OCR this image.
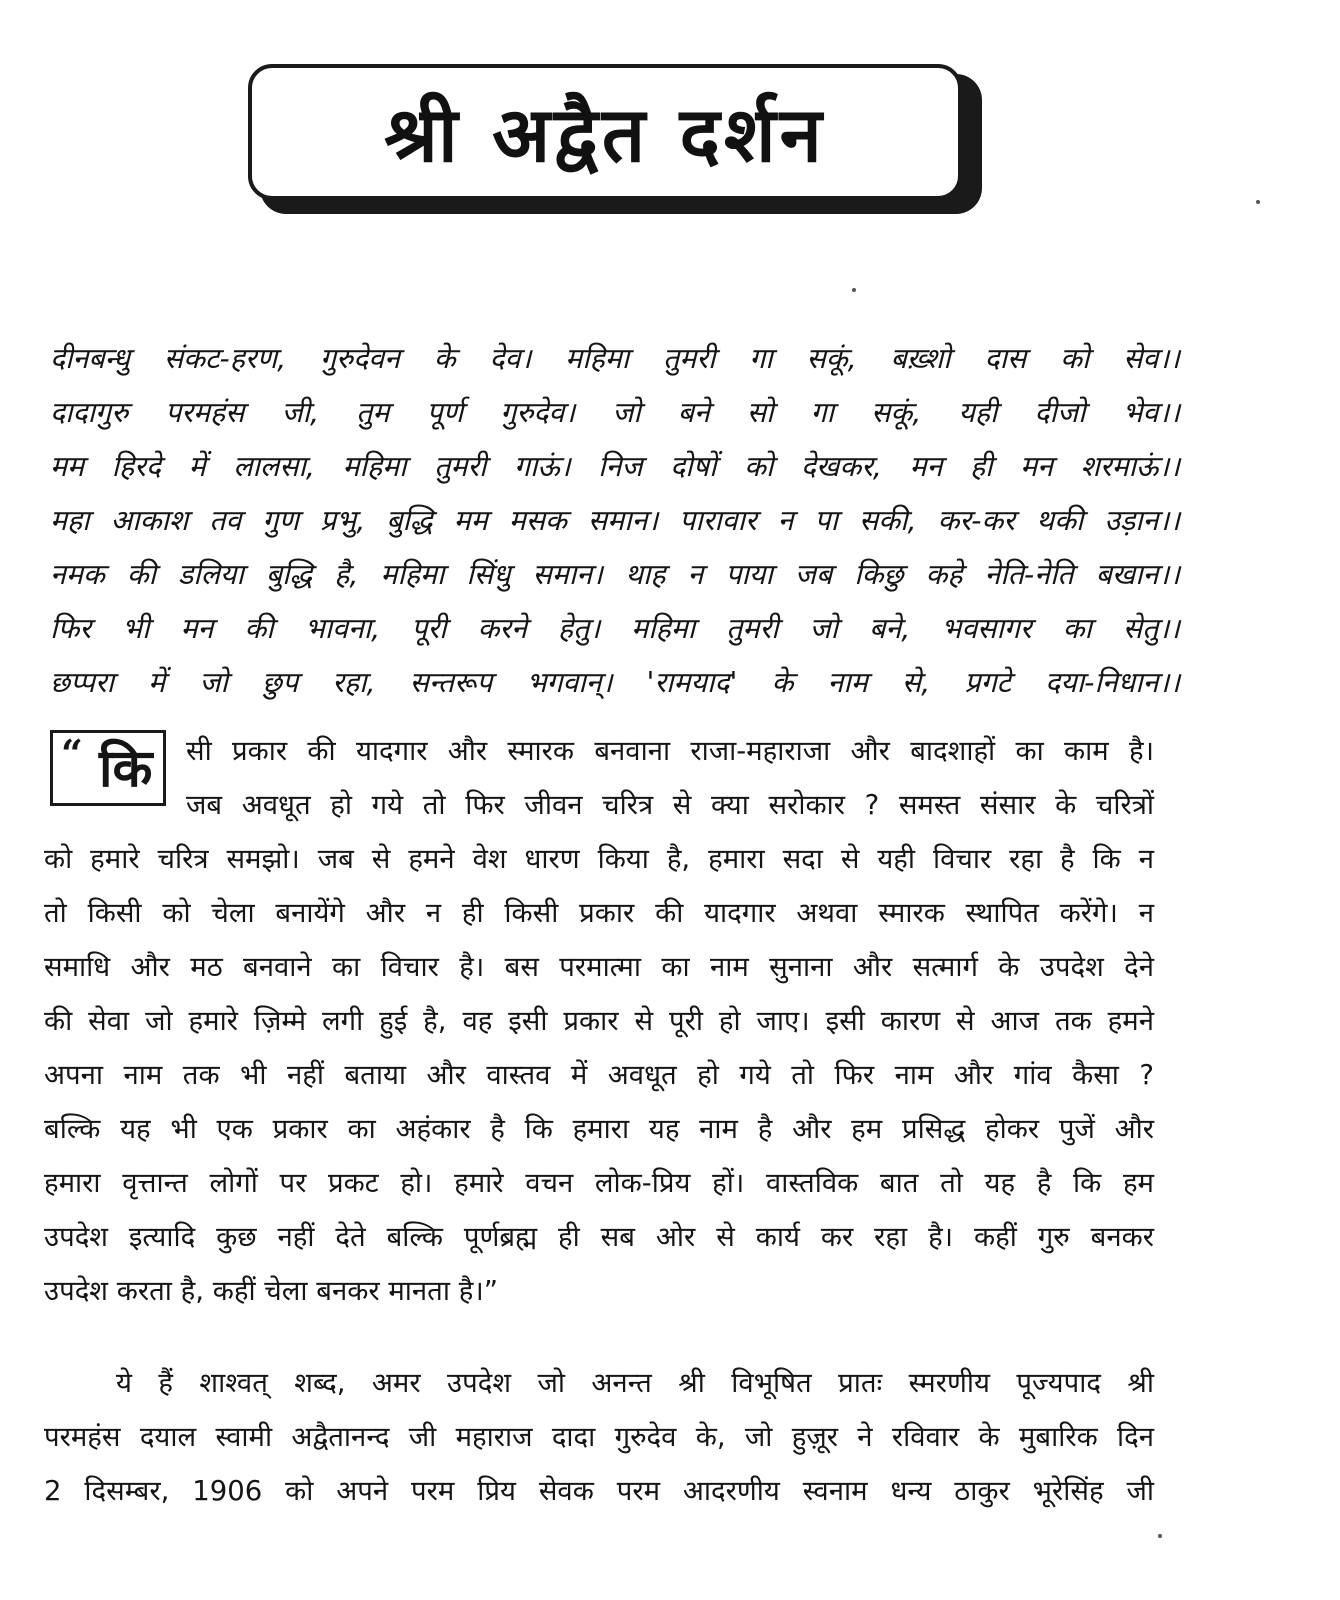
श्री अद्वैत दर्शन
दीनबन्धु संकट-हरण, गुरुदेवन के देव। महिमा तुमरी गा सकूं, बख़्शो दास को सेव।।
दादागुरु परमहंस जी, तुम पूर्ण गुरुदेव। जो बने सो गा सकूं, यही दीजो भेव।।
मम हिरदे में लालसा, महिमा तुमरी गाऊं। निज दोषों को देखकर, मन ही मन शरमाऊं।।
महा आकाश तव गुण प्रभु, बुद्धि मम मसक समान। पारावार न पा सकी, कर-कर थकी उड़ान।।
नमक की डलिया बुद्धि है, महिमा सिंधु समान। थाह न पाया जब किछु कहे नेति-नेति बखान।।
फिर भी मन की भावना, पूरी करने हेतु। महिमा तुमरी जो बने, भवसागर का सेतु।।
छप्परा में जो छुप रहा, सन्तरूप भगवान्। 'रामयाद' के नाम से, प्रगटे दया-निधान।।
“ कि सी प्रकार की यादगार और स्मारक बनवाना राजा-महाराजा और बादशाहों का काम है।
जब अवधूत हो गये तो फिर जीवन चरित्र से क्या सरोकार ? समस्त संसार के चरित्रों
को हमारे चरित्र समझो। जब से हमने वेश धारण किया है, हमारा सदा से यही विचार रहा है कि न
तो किसी को चेला बनायेंगे और न ही किसी प्रकार की यादगार अथवा स्मारक स्थापित करेंगे। न
समाधि और मठ बनवाने का विचार है। बस परमात्मा का नाम सुनाना और सत्मार्ग के उपदेश देने
की सेवा जो हमारे ज़िम्मे लगी हुई है, वह इसी प्रकार से पूरी हो जाए। इसी कारण से आज तक हमने
अपना नाम तक भी नहीं बताया और वास्तव में अवधूत हो गये तो फिर नाम और गांव कैसा ?
बल्कि यह भी एक प्रकार का अहंकार है कि हमारा यह नाम है और हम प्रसिद्ध होकर पुजें और
हमारा वृत्तान्त लोगों पर प्रकट हो। हमारे वचन लोक-प्रिय हों। वास्तविक बात तो यह है कि हम
उपदेश इत्यादि कुछ नहीं देते बल्कि पूर्णब्रह्म ही सब ओर से कार्य कर रहा है। कहीं गुरु बनकर
उपदेश करता है, कहीं चेला बनकर मानता है।”
ये हैं शाश्वत् शब्द, अमर उपदेश जो अनन्त श्री विभूषित प्रातः स्मरणीय पूज्यपाद श्री
परमहंस दयाल स्वामी अद्वैतानन्द जी महाराज दादा गुरुदेव के, जो हुज़ूर ने रविवार के मुबारिक दिन
2 दिसम्बर, 1906 को अपने परम प्रिय सेवक परम आदरणीय स्वनाम धन्य ठाकुर भूरेसिंह जी
